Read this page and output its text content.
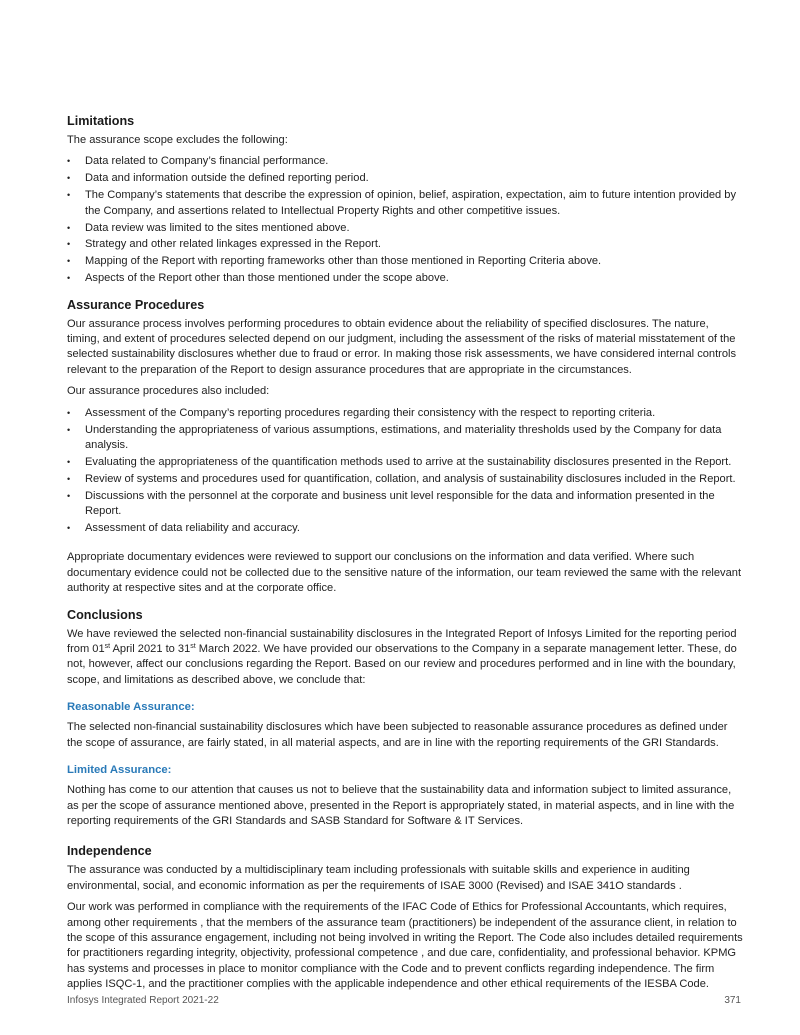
Limitations

The assurance scope excludes the following:

• Data related to Company’s financial performance.
• Data and information outside the defined reporting period.
• The Company’s statements that describe the expression of opinion, belief, aspiration, expectation, aim to future intention provided by the Company, and assertions related to Intellectual Property Rights and other competitive issues.
• Data review was limited to the sites mentioned above.
• Strategy and other related linkages expressed in the Report.
• Mapping of the Report with reporting frameworks other than those mentioned in Reporting Criteria above.
• Aspects of the Report other than those mentioned under the scope above.
Assurance Procedures

Our assurance process involves performing procedures to obtain evidence about the reliability of specified disclosures. The nature, timing, and extent of procedures selected depend on our judgment, including the assessment of the risks of material misstatement of the selected sustainability disclosures whether due to fraud or error. In making those risk assessments, we have considered internal controls relevant to the preparation of the Report to design assurance procedures that are appropriate in the circumstances.

Our assurance procedures also included:

• Assessment of the Company’s reporting procedures regarding their consistency with the respect to reporting criteria.
• Understanding the appropriateness of various assumptions, estimations, and materiality thresholds used by the Company for data analysis.
• Evaluating the appropriateness of the quantification methods used to arrive at the sustainability disclosures presented in the Report.
• Review of systems and procedures used for quantification, collation, and analysis of sustainability disclosures included in the Report.
• Discussions with the personnel at the corporate and business unit level responsible for the data and information presented in the Report.
• Assessment of data reliability and accuracy.

Appropriate documentary evidences were reviewed to support our conclusions on the information and data verified. Where such documentary evidence could not be collected due to the sensitive nature of the information, our team reviewed the same with the relevant authority at respective sites and at the corporate office.

Conclusions

We have reviewed the selected non-financial sustainability disclosures in the Integrated Report of Infosys Limited for the reporting period from 01st April 2021 to 31st March 2022. We have provided our observations to the Company in a separate management letter. These, do not, however, affect our conclusions regarding the Report. Based on our review and procedures performed and in line with the boundary, scope, and limitations as described above, we conclude that:

Reasonable Assurance:

The selected non-financial sustainability disclosures which have been subjected to reasonable assurance procedures as defined under the scope of assurance, are fairly stated, in all material aspects, and are in line with the reporting requirements of the GRI Standards.

Limited Assurance:

Nothing has come to our attention that causes us not to believe that the sustainability data and information subject to limited assurance, as per the scope of assurance mentioned above, presented in the Report is appropriately stated, in material aspects, and in line with the reporting requirements of the GRI Standards and SASB Standard for Software & IT Services.

Independence

The assurance was conducted by a multidisciplinary team including professionals with suitable skills and experience in auditing environmental, social, and economic information as per the requirements of ISAE 3000 (Revised) and ISAE 341O standards .

Our work was performed in compliance with the requirements of the IFAC Code of Ethics for Professional Accountants, which requires, among other requirements , that the members of the assurance team (practitioners) be independent of the assurance client, in relation to the scope of this assurance engagement, including not being involved in writing the Report. The Code also includes detailed requirements for practitioners regarding integrity, objectivity, professional competence , and due care, confidentiality, and professional behavior. KPMG has systems and processes in place to monitor compliance with the Code and to prevent conflicts regarding independence. The firm applies ISQC-1, and the practitioner complies with the applicable independence and other ethical requirements of the IESBA Code.

Infosys Integrated Report 2021-22	371
